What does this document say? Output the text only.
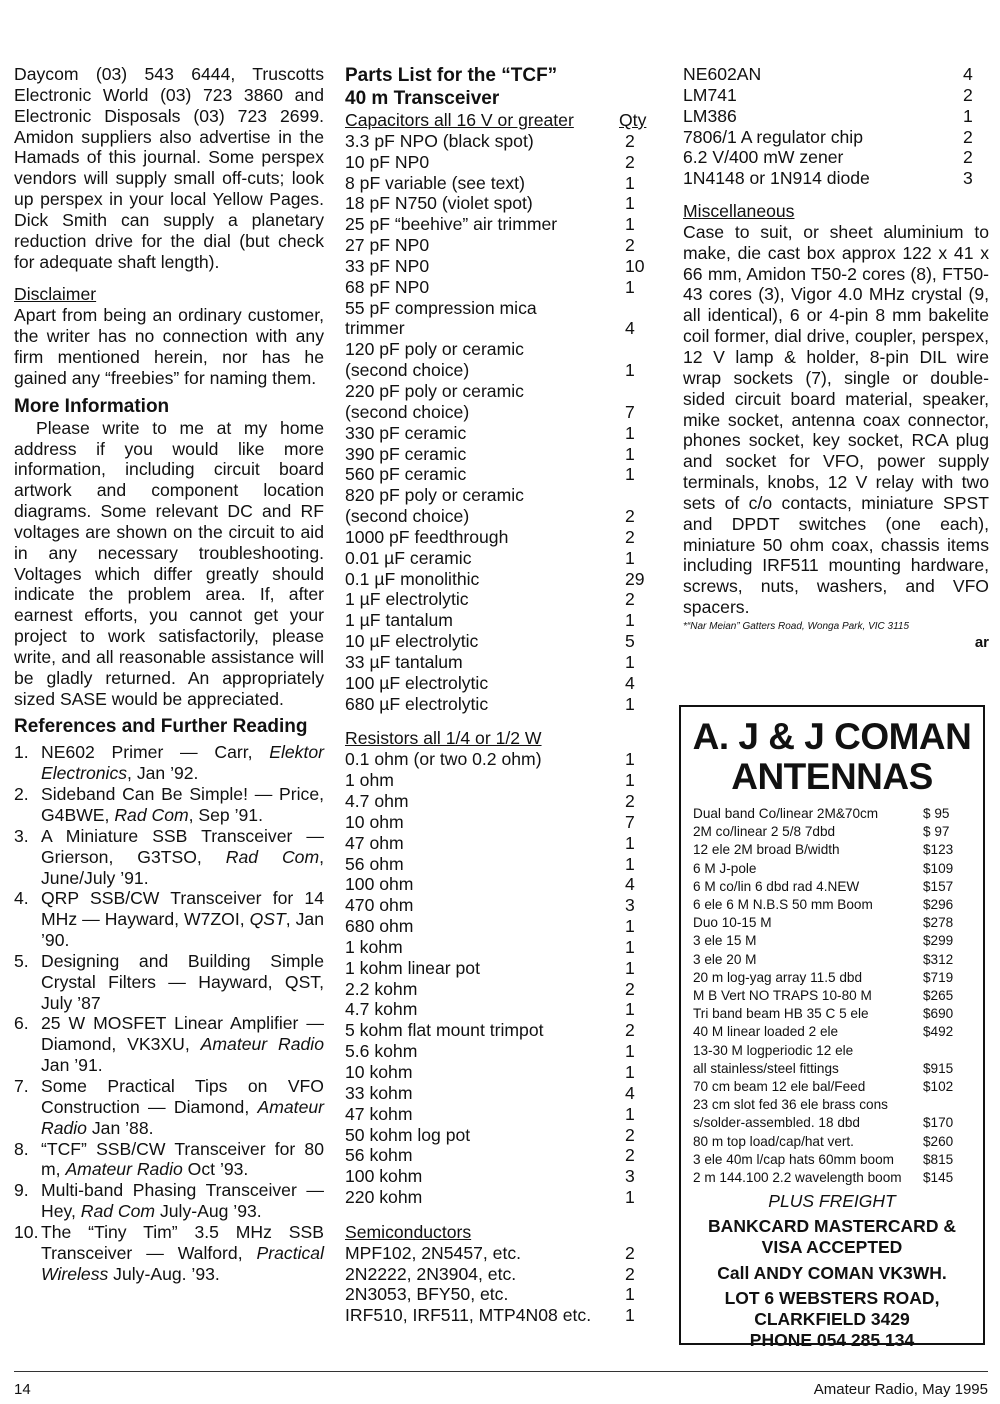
Daycom (03) 543 6444, Truscotts Electronic World (03) 723 3860 and Electronic Disposals (03) 723 2699. Amidon suppliers also advertise in the Hamads of this journal. Some perspex vendors will supply small off-cuts; look up perspex in your local Yellow Pages. Dick Smith can supply a planetary reduction drive for the dial (but check for adequate shaft length).

Disclaimer

Apart from being an ordinary customer, the writer has no connection with any firm mentioned herein, nor has he gained any “freebies” for naming them.

More Information

Please write to me at my home address if you would like more information, including circuit board artwork and component location diagrams. Some relevant DC and RF voltages are shown on the circuit to aid in any necessary troubleshooting. Voltages which differ greatly should indicate the problem area. If, after earnest efforts, you cannot get your project to work satisfactorily, please write, and all reasonable assistance will be gladly returned. An appropriately sized SASE would be appreciated.

References and Further Reading

1. NE602 Primer — Carr, Elektor Electronics, Jan ’92.
2. Sideband Can Be Simple! — Price, G4BWE, Rad Com, Sep ’91.
3. A Miniature SSB Transceiver — Grierson, G3TSO, Rad Com, June/July ’91.
4. QRP SSB/CW Transceiver for 14 MHz — Hayward, W7ZOI, QST, Jan ’90.
5. Designing and Building Simple Crystal Filters — Hayward, QST, July ’87
6. 25 W MOSFET Linear Amplifier — Diamond, VK3XU, Amateur Radio Jan ’91.
7. Some Practical Tips on VFO Construction — Diamond, Amateur Radio Jan ’88.
8. “TCF” SSB/CW Transceiver for 80 m, Amateur Radio Oct ’93.
9. Multi-band Phasing Transceiver — Hey, Rad Com July-Aug ’93.
10. The “Tiny Tim” 3.5 MHz SSB Transceiver — Walford, Practical Wireless July-Aug. ’93.

Parts List for the “TCF”

40 m Transceiver

Capacitors all 16 V or greater	Qty
3.3 pF NPO (black spot)	2
10 pF NP0	2
8 pF variable (see text)	1
18 pF N750 (violet spot)	1
25 pF “beehive” air trimmer	1
27 pF NP0	2
33 pF NP0	10
68 pF NP0	1
55 pF compression mica
trimmer	4
120 pF poly or ceramic
(second choice)	1
220 pF poly or ceramic
(second choice)	7
330 pF ceramic	1
390 pF ceramic	1
560 pF ceramic	1
820 pF poly or ceramic
(second choice)	2
1000 pF feedthrough	2
0.01 µF ceramic	1
0.1 µF monolithic	29
1 µF electrolytic	2
1 µF tantalum	1
10 µF electrolytic	5
33 µF tantalum	1
100 µF electrolytic	4
680 µF electrolytic	1
Resistors all 1/4 or 1/2 W
0.1 ohm (or two 0.2 ohm)	1
1 ohm	1
4.7 ohm	2
10 ohm	7
47 ohm	1
56 ohm	1
100 ohm	4
470 ohm	3
680 ohm	1
1 kohm	1
1 kohm linear pot	1
2.2 kohm	2
4.7 kohm	1
5 kohm flat mount trimpot	2
5.6 kohm	1
10 kohm	1
33 kohm	4
47 kohm	1
50 kohm log pot	2
56 kohm	2
100 kohm	3
220 kohm	1
Semiconductors
MPF102, 2N5457, etc.	2
2N2222, 2N3904, etc.	2
2N3053, BFY50, etc.	1
IRF510, IRF511, MTP4N08 etc. 1
NE602AN	4
LM741	2
LM386	1
7806/1 A regulator chip	2
6.2 V/400 mW zener	2
1N4148 or 1N914 diode	3

Miscellaneous

Case to suit, or sheet aluminium to make, die cast box approx 122 x 41 x 66 mm, Amidon T50-2 cores (8), FT50-43 cores (3), Vigor 4.0 MHz crystal (9, all identical), 6 or 4-pin 8 mm bakelite coil former, dial drive, coupler, perspex, 12 V lamp & holder, 8-pin DIL wire wrap sockets (7), single or double-sided circuit board material, speaker, mike socket, antenna coax connector, phones socket, key socket, RCA plug and socket for VFO, power supply terminals, knobs, 12 V relay with two sets of c/o contacts, miniature SPST and DPDT switches (one each), miniature 50 ohm coax, chassis items including IRF511 mounting hardware, screws, nuts, washers, and VFO spacers.

*“Nar Meian” Gatters Road, Wonga Park, VIC 3115

ar

A. J & J COMAN
ANTENNAS
Dual band Co/linear 2M&70cm	$ 95
2M co/linear 2 5/8 7dbd	$ 97
12 ele 2M broad B/width	$123
6 M J-pole	$109
6 M co/lin 6 dbd rad 4.NEW	$157
6 ele 6 M N.B.S 50 mm Boom	$296
Duo 10-15 M	$278
3 ele 15 M	$299
3 ele 20 M	$312
20 m log-yag array 11.5 dbd	$719
M B Vert NO TRAPS 10-80 M	$265
Tri band beam HB 35 C 5 ele	$690
40 M linear loaded 2 ele	$492
13-30 M logperiodic 12 ele
all stainless/steel fittings	$915
70 cm beam 12 ele bal/Feed	$102
23 cm slot fed 36 ele brass cons
s/solder-assembled. 18 dbd	$170
80 m top load/cap/hat vert.	$260
3 ele 40m l/cap hats 60mm boom $815
2 m 144.100 2.2 wavelength boom $145
PLUS FREIGHT
BANKCARD MASTERCARD &
VISA ACCEPTED
Call ANDY COMAN VK3WH.
LOT 6 WEBSTERS ROAD,
CLARKFIELD 3429
PHONE 054 285 134
14	Amateur Radio, May 1995
